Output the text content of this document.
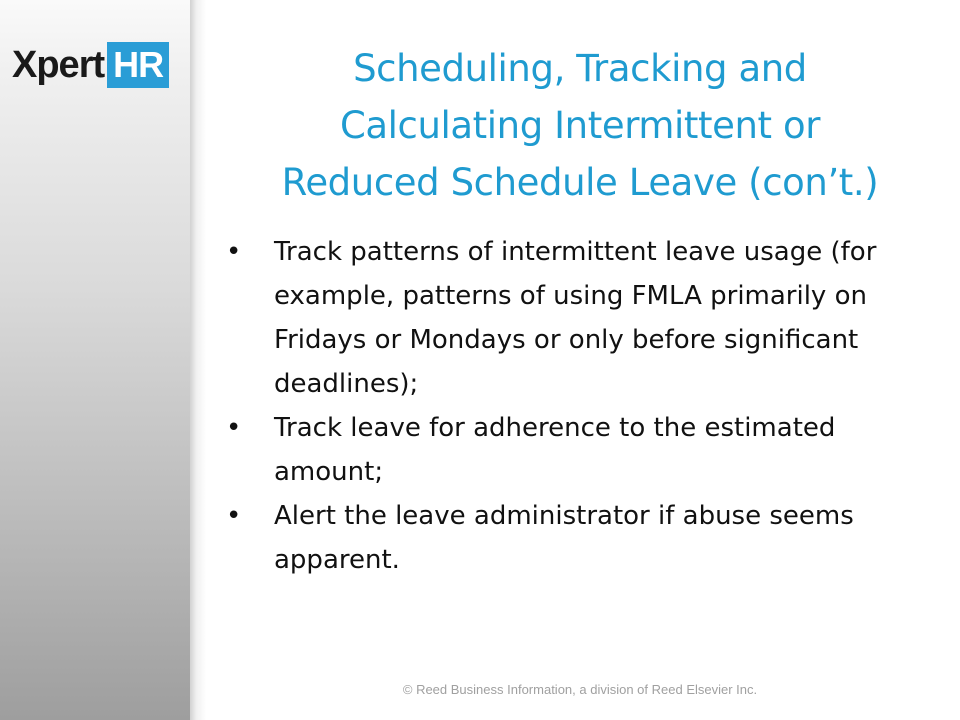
Xpert HR	Scheduling, Tracking and
Calculating Intermittent or
Reduced Schedule Leave (con’t.)
•	Track patterns of intermittent leave usage (for example, patterns of using FMLA primarily on Fridays or Mondays or only before significant deadlines);
•	Track leave for adherence to the estimated amount;
•	Alert the leave administrator if abuse seems apparent.
© Reed Business Information, a division of Reed Elsevier Inc.
